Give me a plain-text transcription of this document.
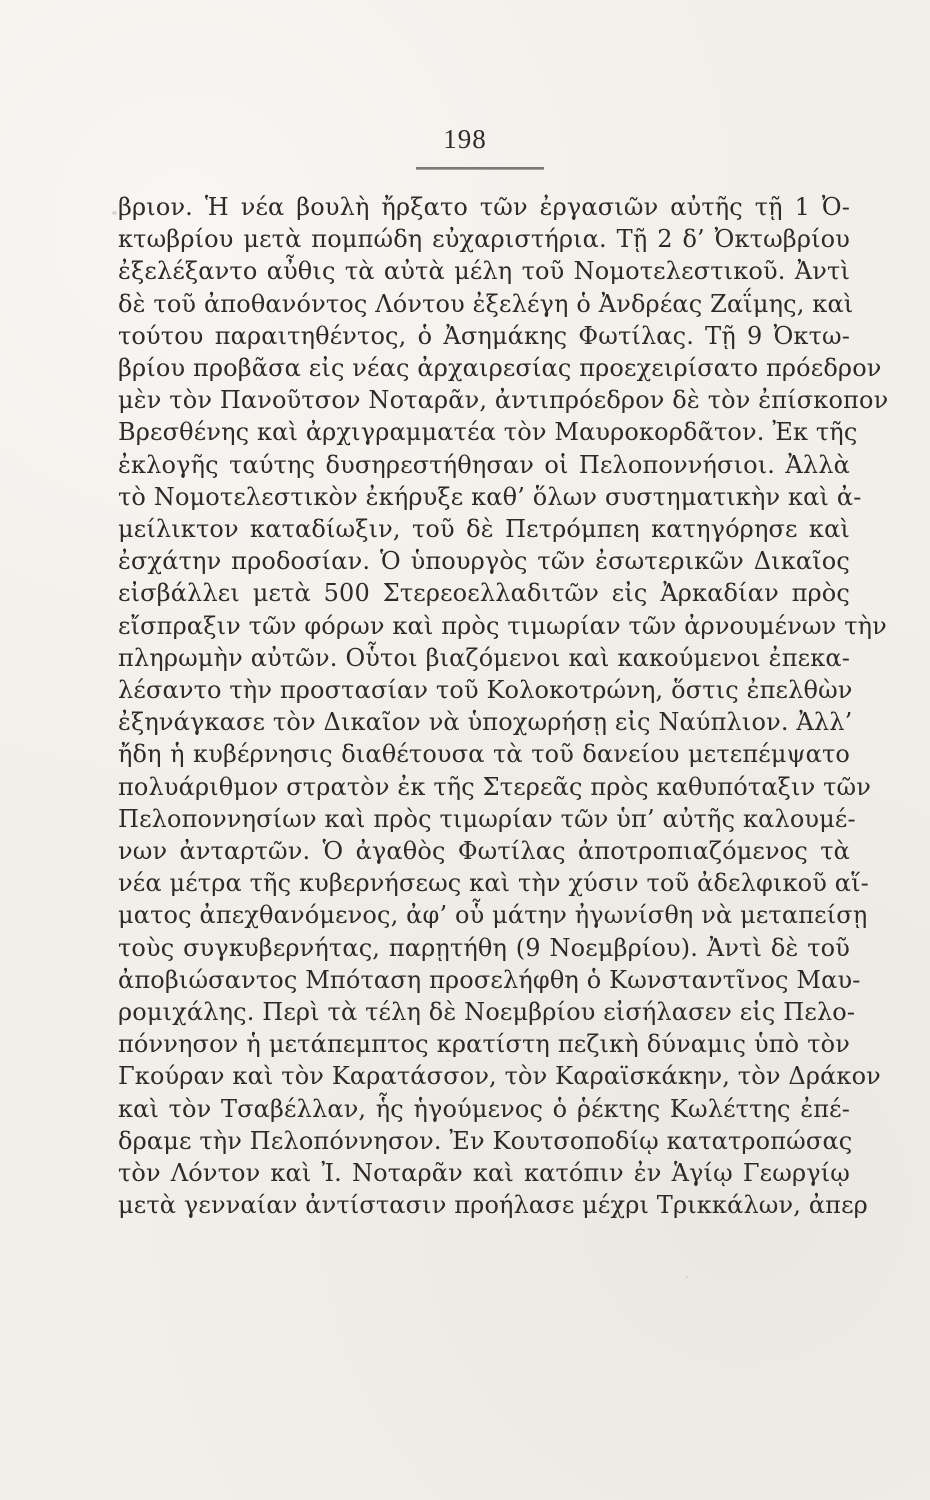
198
βριον. Ἡ νέα βουλὴ ἤρξατο τῶν ἐργασιῶν αὐτῆς τῇ 1 Ὀ-
κτωβρίου μετὰ πομπώδη εὐχαριστήρια. Τῇ 2 δ’ Ὀκτωβρίου
ἐξελέξαντο αὖθις τὰ αὐτὰ μέλη τοῦ Νομοτελεστικοῦ. Ἀντὶ
δὲ τοῦ ἀποθανόντος Λόντου ἐξελέγη ὁ Ἀνδρέας Ζαΐμης, καὶ
τούτου παραιτηθέντος, ὁ Ἀσημάκης Φωτίλας. Τῇ 9 Ὀκτω-
βρίου προβᾶσα εἰς νέας ἀρχαιρεσίας προεχειρίσατο πρόεδρον
μὲν τὸν Πανοῦτσον Νοταρᾶν, ἀντιπρόεδρον δὲ τὸν ἐπίσκοπον
Βρεσθένης καὶ ἀρχιγραμματέα τὸν Μαυροκορδᾶτον. Ἐκ τῆς
ἐκλογῆς ταύτης δυσηρεστήθησαν οἱ Πελοποννήσιοι. Ἀλλὰ
τὸ Νομοτελεστικὸν ἐκήρυξε καθ’ ὅλων συστηματικὴν καὶ ἀ-
μείλικτον καταδίωξιν, τοῦ δὲ Πετρόμπεη κατηγόρησε καὶ
ἐσχάτην προδοσίαν. Ὁ ὑπουργὸς τῶν ἐσωτερικῶν Δικαῖος
εἰσβάλλει μετὰ 500 Στερεοελλαδιτῶν εἰς Ἀρκαδίαν πρὸς
εἴσπραξιν τῶν φόρων καὶ πρὸς τιμωρίαν τῶν ἀρνουμένων τὴν
πληρωμὴν αὐτῶν. Οὗτοι βιαζόμενοι καὶ κακούμενοι ἐπεκα-
λέσαντο τὴν προστασίαν τοῦ Κολοκοτρώνη, ὅστις ἐπελθὼν
ἐξηνάγκασε τὸν Δικαῖον νὰ ὑποχωρήσῃ εἰς Ναύπλιον. Ἀλλ’
ἤδη ἡ κυβέρνησις διαθέτουσα τὰ τοῦ δανείου μετεπέμψατο
πολυάριθμον στρατὸν ἐκ τῆς Στερεᾶς πρὸς καθυπόταξιν τῶν
Πελοποννησίων καὶ πρὸς τιμωρίαν τῶν ὑπ’ αὐτῆς καλουμέ-
νων ἀνταρτῶν. Ὁ ἀγαθὸς Φωτίλας ἀποτροπιαζόμενος τὰ
νέα μέτρα τῆς κυβερνήσεως καὶ τὴν χύσιν τοῦ ἀδελφικοῦ αἵ-
ματος ἀπεχθανόμενος, ἀφ’ οὗ μάτην ἠγωνίσθη νὰ μεταπείσῃ
τοὺς συγκυβερνήτας, παρῃτήθη (9 Νοεμβρίου). Ἀντὶ δὲ τοῦ
ἀποβιώσαντος Μπόταση προσελήφθη ὁ Κωνσταντῖνος Μαυ-
ρομιχάλης. Περὶ τὰ τέλη δὲ Νοεμβρίου εἰσήλασεν εἰς Πελο-
πόννησον ἡ μετάπεμπτος κρατίστη πεζικὴ δύναμις ὑπὸ τὸν
Γκούραν καὶ τὸν Καρατάσσον, τὸν Καραϊσκάκην, τὸν Δράκον
καὶ τὸν Τσαβέλλαν, ἧς ἡγούμενος ὁ ῥέκτης Κωλέττης ἐπέ-
δραμε τὴν Πελοπόννησον. Ἐν Κουτσοποδίῳ κατατροπώσας
τὸν Λόντον καὶ Ἰ. Νοταρᾶν καὶ κατόπιν ἐν Ἁγίῳ Γεωργίῳ
μετὰ γενναίαν ἀντίστασιν προήλασε μέχρι Τρικκάλων, ἀπερ
